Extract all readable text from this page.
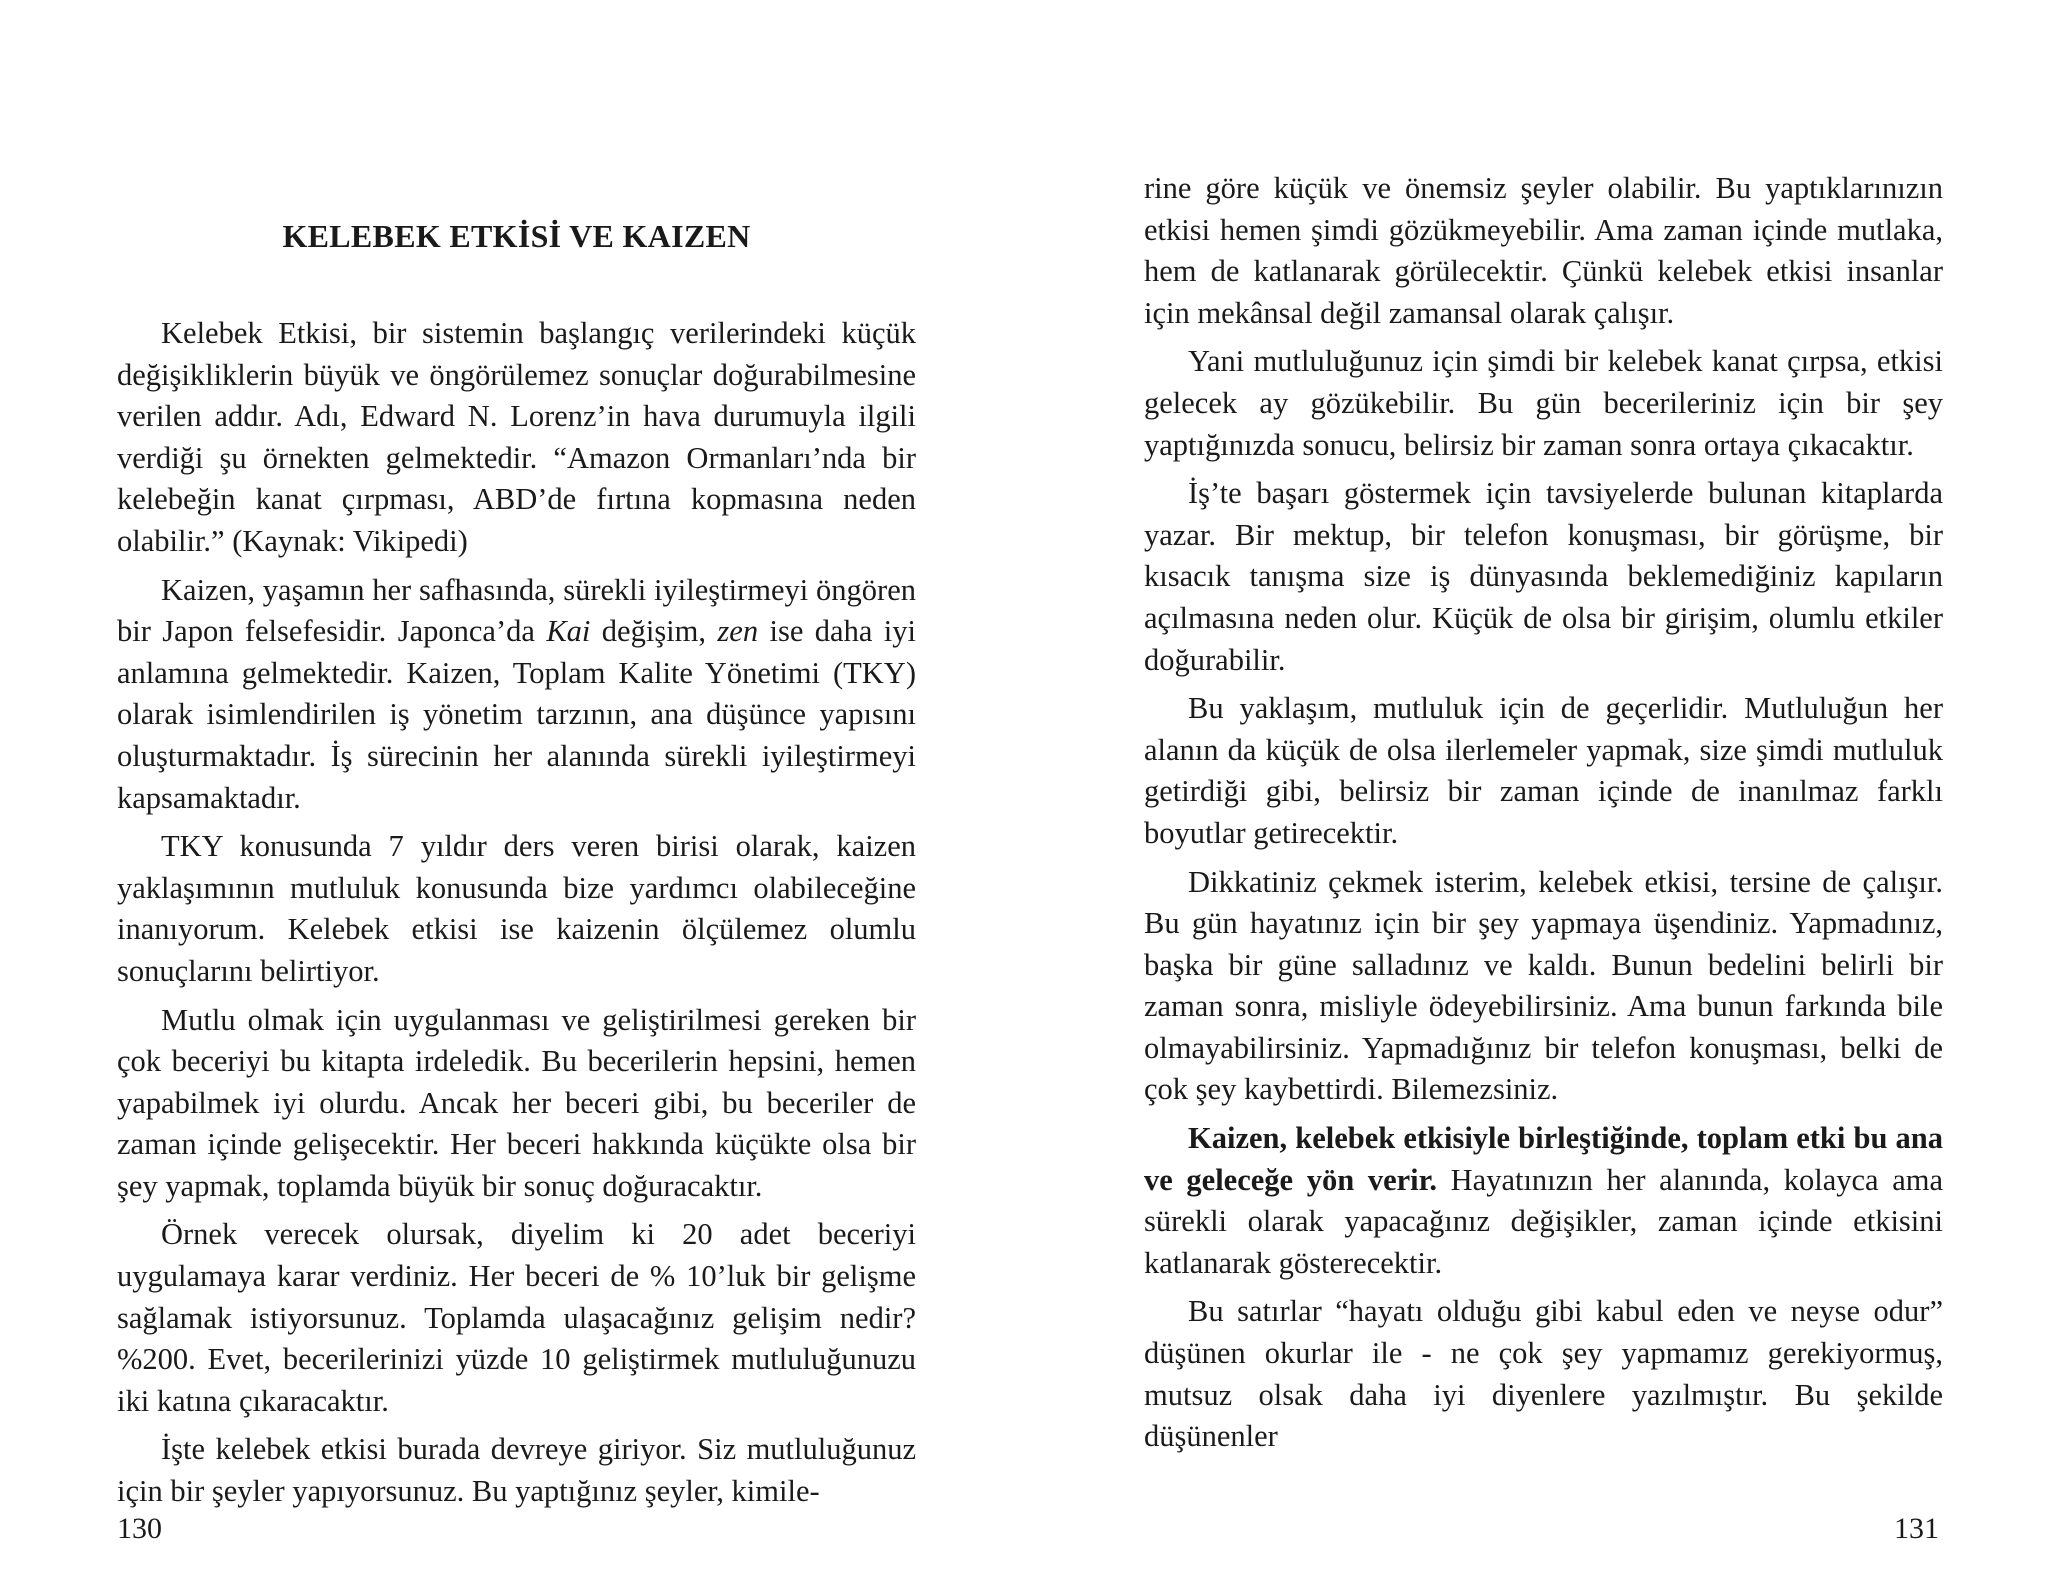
KELEBEK ETKİSİ VE KAIZEN

Kelebek Etkisi, bir sistemin başlangıç verilerindeki küçük değişikliklerin büyük ve öngörülemez sonuçlar doğurabilmesine verilen addır. Adı, Edward N. Lorenz’in hava durumuyla ilgili verdiği şu örnekten gelmektedir. “Amazon Ormanları’nda bir kelebeğin kanat çırpması, ABD’de fırtına kopmasına neden olabilir.” (Kaynak: Vikipedi)

Kaizen, yaşamın her safhasında, sürekli iyileştirmeyi öngören bir Japon felsefesidir. Japonca’da Kai değişim, zen ise daha iyi anlamına gelmektedir. Kaizen, Toplam Kalite Yönetimi (TKY) olarak isimlendirilen iş yönetim tarzının, ana düşünce yapısını oluşturmaktadır. İş sürecinin her alanında sürekli iyileştirmeyi kapsamaktadır.

TKY konusunda 7 yıldır ders veren birisi olarak, kaizen yaklaşımının mutluluk konusunda bize yardımcı olabileceğine inanıyorum. Kelebek etkisi ise kaizenin ölçülemez olumlu sonuçlarını belirtiyor.

Mutlu olmak için uygulanması ve geliştirilmesi gereken bir çok beceriyi bu kitapta irdeledik. Bu becerilerin hepsini, hemen yapabilmek iyi olurdu. Ancak her beceri gibi, bu beceriler de zaman içinde gelişecektir. Her beceri hakkında küçükte olsa bir şey yapmak, toplamda büyük bir sonuç doğuracaktır.

Örnek verecek olursak, diyelim ki 20 adet beceriyi uygulamaya karar verdiniz. Her beceri de % 10’luk bir gelişme sağlamak istiyorsunuz. Toplamda ulaşacağınız gelişim nedir? %200. Evet, becerilerinizi yüzde 10 geliştirmek mutluluğunuzu iki katına çıkaracaktır.

İşte kelebek etkisi burada devreye giriyor. Siz mutluluğunuz için bir şeyler yapıyorsunuz. Bu yaptığınız şeyler, kimile-

130

rine göre küçük ve önemsiz şeyler olabilir. Bu yaptıklarınızın etkisi hemen şimdi gözükmeyebilir. Ama zaman içinde mutlaka, hem de katlanarak görülecektir. Çünkü kelebek etkisi insanlar için mekânsal değil zamansal olarak çalışır.

Yani mutluluğunuz için şimdi bir kelebek kanat çırpsa, etkisi gelecek ay gözükebilir. Bu gün becerileriniz için bir şey yaptığınızda sonucu, belirsiz bir zaman sonra ortaya çıkacaktır.

İş’te başarı göstermek için tavsiyelerde bulunan kitaplarda yazar. Bir mektup, bir telefon konuşması, bir görüşme, bir kısacık tanışma size iş dünyasında beklemediğiniz kapıların açılmasına neden olur. Küçük de olsa bir girişim, olumlu etkiler doğurabilir.

Bu yaklaşım, mutluluk için de geçerlidir. Mutluluğun her alanın da küçük de olsa ilerlemeler yapmak, size şimdi mutluluk getirdiği gibi, belirsiz bir zaman içinde de inanılmaz farklı boyutlar getirecektir.

Dikkatiniz çekmek isterim, kelebek etkisi, tersine de çalışır. Bu gün hayatınız için bir şey yapmaya üşendiniz. Yapmadınız, başka bir güne salladınız ve kaldı. Bunun bedelini belirli bir zaman sonra, misliyle ödeyebilirsiniz. Ama bunun farkında bile olmayabilirsiniz. Yapmadığınız bir telefon konuşması, belki de çok şey kaybettirdi. Bilemezsiniz.

Kaizen, kelebek etkisiyle birleştiğinde, toplam etki bu ana ve geleceğe yön verir. Hayatınızın her alanında, kolayca ama sürekli olarak yapacağınız değişikler, zaman içinde etkisini katlanarak gösterecektir.

Bu satırlar “hayatı olduğu gibi kabul eden ve neyse odur” düşünen okurlar ile - ne çok şey yapmamız gerekiyormuş, mutsuz olsak daha iyi diyenlere yazılmıştır. Bu şekilde düşünenler

131
